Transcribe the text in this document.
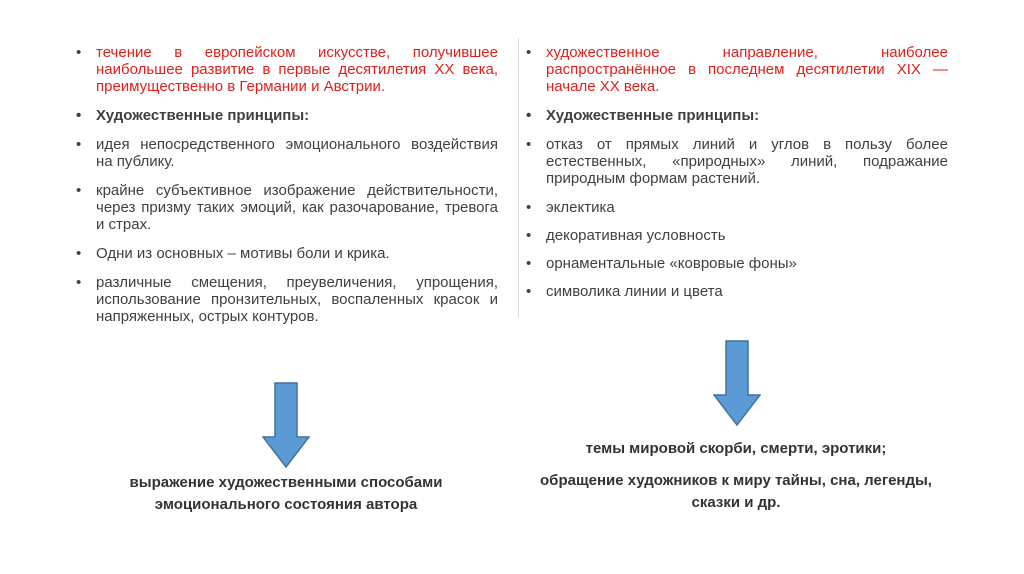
• течение в европейском искусстве, получившее наибольшее развитие в первые десятилетия XX века, преимущественно в Германии и Австрии.
• Художественные принципы:
• идея непосредственного эмоционального воздействия на публику.
• крайне субъективное изображение действительности, через призму таких эмоций, как разочарование, тревога и страх.
• Одни из основных – мотивы боли и крика.
• различные смещения, преувеличения, упрощения, использование пронзительных, воспаленных красок и напряженных, острых контуров.
• художественное направление, наиболее распространённое в последнем десятилетии XIX — начале XX века.
• Художественные принципы:
• отказ от прямых линий и углов в пользу более естественных, «природных» линий, подражание природным формам растений.
• эклектика
• декоративная условность
• орнаментальные «ковровые фоны»
• символика линии и цвета
выражение художественными способами эмоционального состояния автора
темы мировой скорби, смерти, эротики;
обращение художников к миру тайны, сна, легенды, сказки и др.
